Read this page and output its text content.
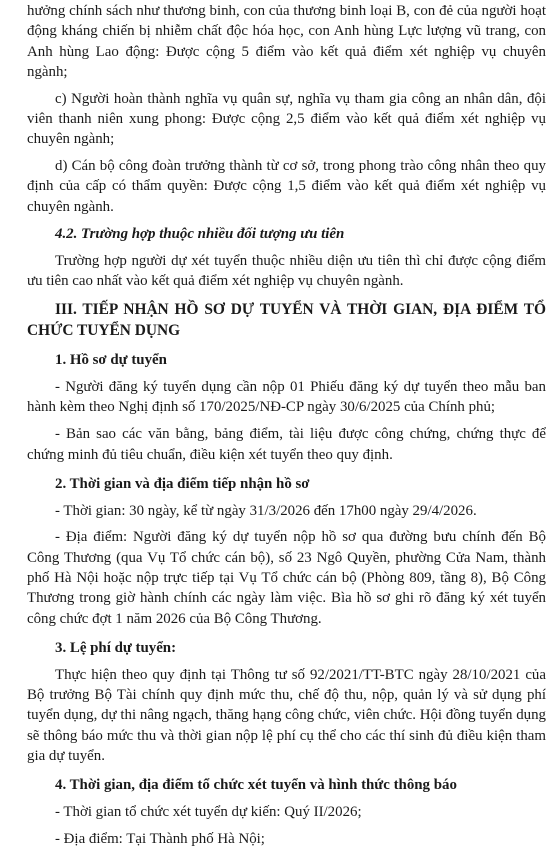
hưởng chính sách như thương binh, con của thương binh loại B, con đẻ của người hoạt động kháng chiến bị nhiễm chất độc hóa học, con Anh hùng Lực lượng vũ trang, con Anh hùng Lao động: Được cộng 5 điểm vào kết quả điểm xét nghiệp vụ chuyên ngành;

c) Người hoàn thành nghĩa vụ quân sự, nghĩa vụ tham gia công an nhân dân, đội viên thanh niên xung phong: Được cộng 2,5 điểm vào kết quả điểm xét nghiệp vụ chuyên ngành;

d) Cán bộ công đoàn trưởng thành từ cơ sở, trong phong trào công nhân theo quy định của cấp có thẩm quyền: Được cộng 1,5 điểm vào kết quả điểm xét nghiệp vụ chuyên ngành.

4.2. Trường hợp thuộc nhiều đối tượng ưu tiên

Trường hợp người dự xét tuyển thuộc nhiều diện ưu tiên thì chỉ được cộng điểm ưu tiên cao nhất vào kết quả điểm xét nghiệp vụ chuyên ngành.

III. TIẾP NHẬN HỒ SƠ DỰ TUYỂN VÀ THỜI GIAN, ĐỊA ĐIỂM TỔ CHỨC TUYỂN DỤNG

1. Hồ sơ dự tuyển

- Người đăng ký tuyển dụng cần nộp 01 Phiếu đăng ký dự tuyển theo mẫu ban hành kèm theo Nghị định số 170/2025/NĐ-CP ngày 30/6/2025 của Chính phủ;

- Bản sao các văn bằng, bảng điểm, tài liệu được công chứng, chứng thực để chứng minh đủ tiêu chuẩn, điều kiện xét tuyển theo quy định.

2. Thời gian và địa điểm tiếp nhận hồ sơ

- Thời gian: 30 ngày, kể từ ngày 31/3/2026 đến 17h00 ngày 29/4/2026.

- Địa điểm: Người đăng ký dự tuyển nộp hồ sơ qua đường bưu chính đến Bộ Công Thương (qua Vụ Tổ chức cán bộ), số 23 Ngô Quyền, phường Cửa Nam, thành phố Hà Nội hoặc nộp trực tiếp tại Vụ Tổ chức cán bộ (Phòng 809, tầng 8), Bộ Công Thương trong giờ hành chính các ngày làm việc. Bìa hồ sơ ghi rõ đăng ký xét tuyển công chức đợt 1 năm 2026 của Bộ Công Thương.

3. Lệ phí dự tuyển:

Thực hiện theo quy định tại Thông tư số 92/2021/TT-BTC ngày 28/10/2021 của Bộ trưởng Bộ Tài chính quy định mức thu, chế độ thu, nộp, quản lý và sử dụng phí tuyển dụng, dự thi nâng ngạch, thăng hạng công chức, viên chức. Hội đồng tuyển dụng sẽ thông báo mức thu và thời gian nộp lệ phí cụ thể cho các thí sinh đủ điều kiện tham gia dự tuyển.

4. Thời gian, địa điểm tổ chức xét tuyển và hình thức thông báo

- Thời gian tổ chức xét tuyển dự kiến: Quý II/2026;

- Địa điểm: Tại Thành phố Hà Nội;
